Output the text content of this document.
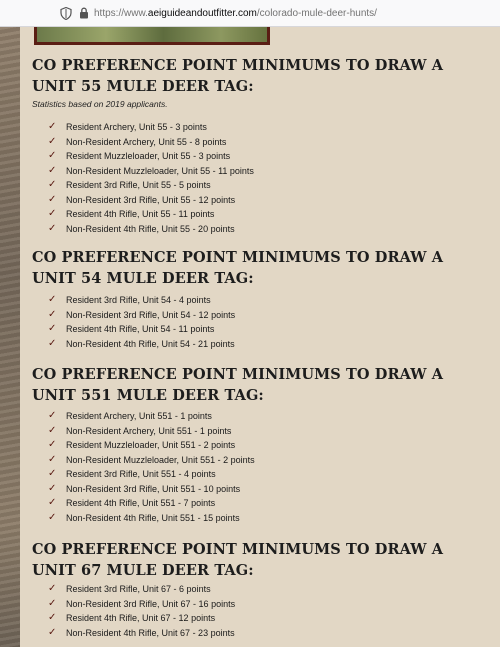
https://www.aeiguideandoutfitter.com/colorado-mule-deer-hunts/
CO PREFERENCE POINT MINIMUMS TO DRAW A UNIT 55 MULE DEER TAG:
Statistics based on 2019 applicants.
✓	Resident Archery, Unit 55 - 3 points
✓	Non-Resident Archery, Unit 55 - 8 points
✓	Resident Muzzleloader, Unit 55 - 3 points
✓	Non-Resident Muzzleloader, Unit 55 - 11 points
✓	Resident 3rd Rifle, Unit 55 - 5 points
✓	Non-Resident 3rd Rifle, Unit 55 - 12 points
✓	Resident 4th Rifle, Unit 55 - 11 points
✓	Non-Resident 4th Rifle, Unit 55 - 20 points
CO PREFERENCE POINT MINIMUMS TO DRAW A UNIT 54 MULE DEER TAG:
✓	Resident 3rd Rifle, Unit 54 - 4 points
✓	Non-Resident 3rd Rifle, Unit 54 - 12 points
✓	Resident 4th Rifle, Unit 54 - 11 points
✓	Non-Resident 4th Rifle, Unit 54 - 21 points
CO PREFERENCE POINT MINIMUMS TO DRAW A UNIT 551 MULE DEER TAG:
✓	Resident Archery, Unit 551 - 1 points
✓	Non-Resident Archery, Unit 551 - 1 points
✓	Resident Muzzleloader, Unit 551 - 2 points
✓	Non-Resident Muzzleloader, Unit 551 - 2 points
✓	Resident 3rd Rifle, Unit 551 - 4 points
✓	Non-Resident 3rd Rifle, Unit 551 - 10 points
✓	Resident 4th Rifle, Unit 551 - 7 points
✓	Non-Resident 4th Rifle, Unit 551 - 15 points
CO PREFERENCE POINT MINIMUMS TO DRAW A UNIT 67 MULE DEER TAG:
✓	Resident 3rd Rifle, Unit 67 - 6 points
✓	Non-Resident 3rd Rifle, Unit 67 - 16 points
✓	Resident 4th Rifle, Unit 67 - 12 points
✓	Non-Resident 4th Rifle, Unit 67 - 23 points
